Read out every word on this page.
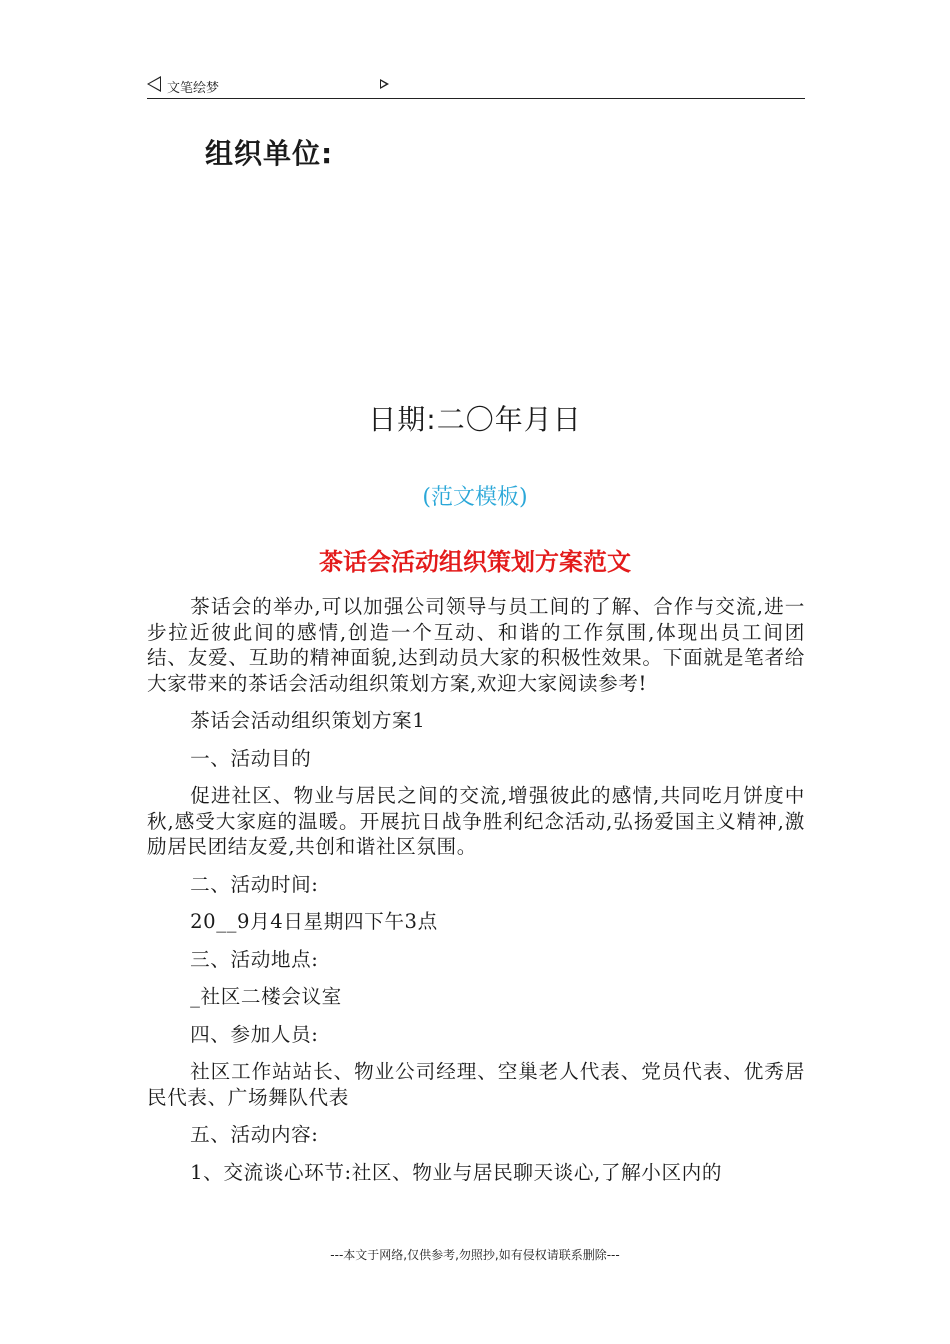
文笔绘梦
组织单位:
日期:二〇年月日
(范文模板)
茶话会活动组织策划方案范文

茶话会的举办,可以加强公司领导与员工间的了解、合作与交流,进一步拉近彼此间的感情,创造一个互动、和谐的工作氛围,体现出员工间团结、友爱、互助的精神面貌,达到动员大家的积极性效果。下面就是笔者给大家带来的茶话会活动组织策划方案,欢迎大家阅读参考!

茶话会活动组织策划方案1

一、活动目的

促进社区、物业与居民之间的交流,增强彼此的感情,共同吃月饼度中秋,感受大家庭的温暖。开展抗日战争胜利纪念活动,弘扬爱国主义精神,激励居民团结友爱,共创和谐社区氛围。

二、活动时间:

20__9月4日星期四下午3点

三、活动地点:

_社区二楼会议室

四、参加人员:

社区工作站站长、物业公司经理、空巢老人代表、党员代表、优秀居民代表、广场舞队代表

五、活动内容:

1、交流谈心环节:社区、物业与居民聊天谈心,了解小区内的

---本文于网络,仅供参考,勿照抄,如有侵权请联系删除---
